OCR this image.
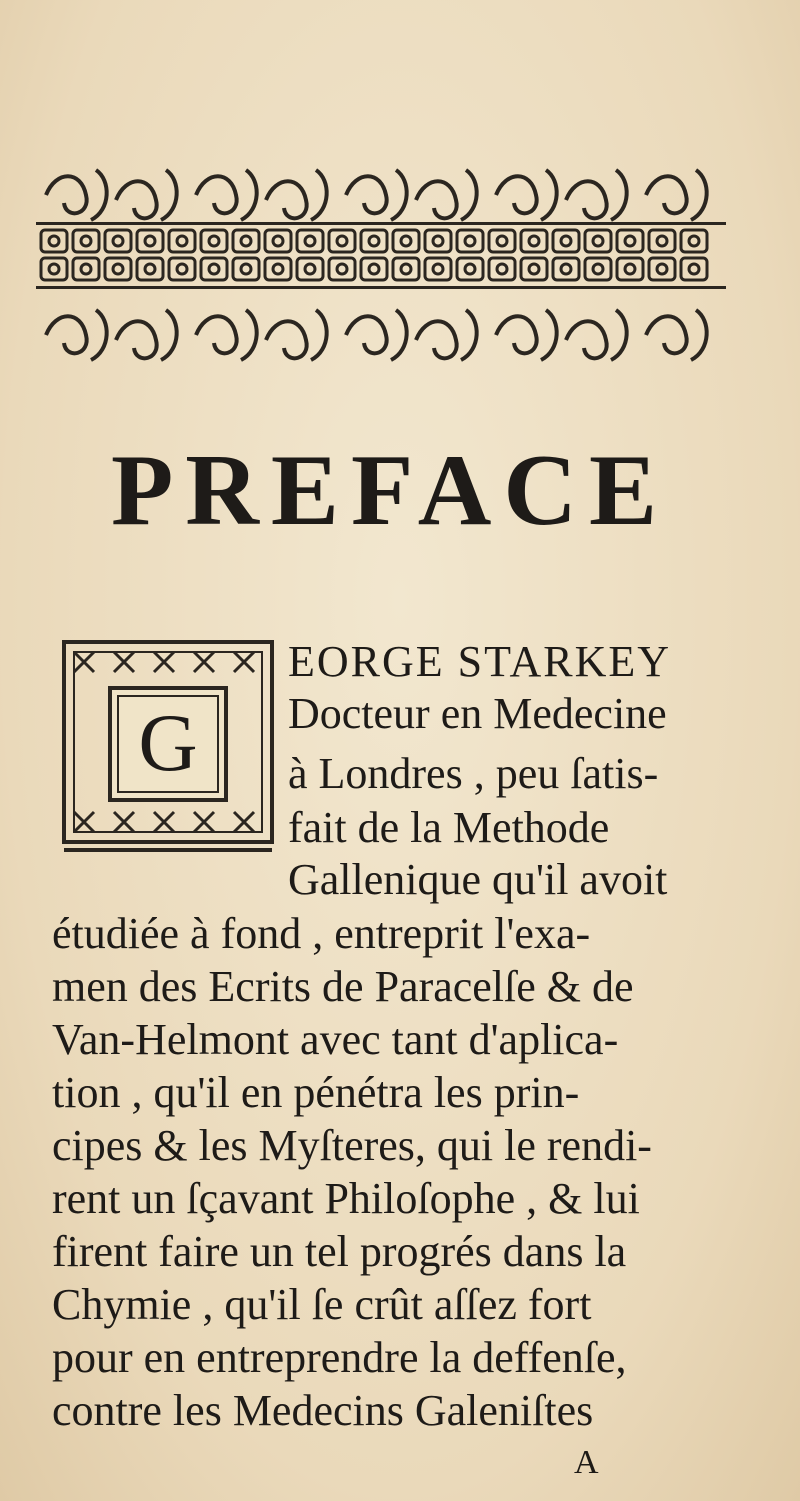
PREFACE
G
EORGE STARKEY
Docteur en Medecine
à Londres , peu ſatis-
fait de la Methode
Gallenique qu'il avoit
étudiée à fond , entreprit l'exa-
men des Ecrits de Paracelſe & de
Van-Helmont avec tant d'aplica-
tion , qu'il en pénétra les prin-
cipes & les Myſteres, qui le rendi-
rent un ſçavant Philoſophe , & lui
firent faire un tel progrés dans la
Chymie , qu'il ſe crût aſſez fort
pour en entreprendre la deffenſe,
contre les Medecins Galeniſtes
A
